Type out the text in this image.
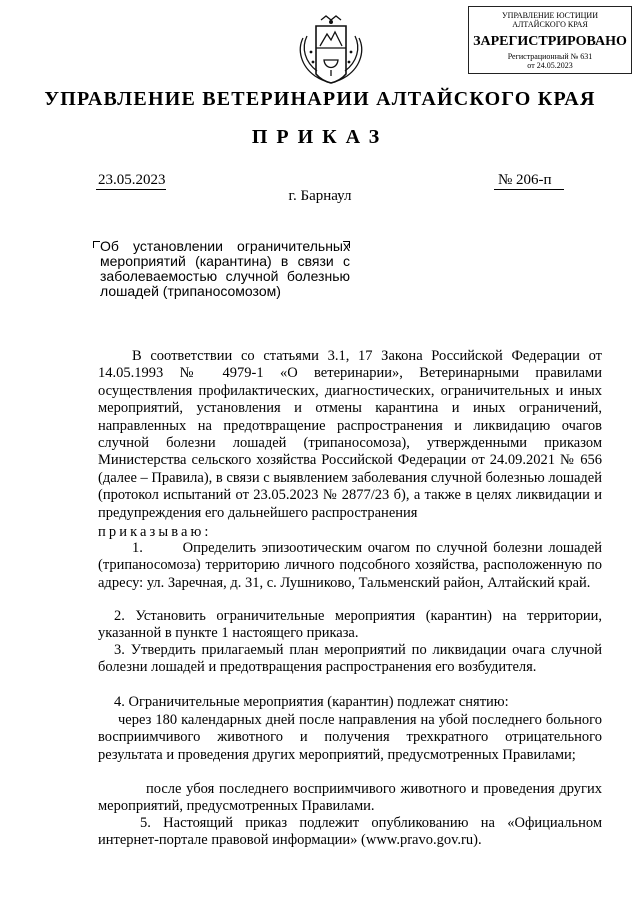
УПРАВЛЕНИЕ ЮСТИЦИИ
АЛТАЙСКОГО КРАЯ
ЗАРЕГИСТРИРОВАНО
Регистрационный № 631
от 24.05.2023
УПРАВЛЕНИЕ ВЕТЕРИНАРИИ АЛТАЙСКОГО КРАЯ
ПРИКАЗ
23.05.2023	№ 206-п
г. Барнаул
Об установлении ограничительных мероприятий (карантина) в связи с заболеваемостью случной болезнью лошадей (трипаносомозом)
В соответствии со статьями 3.1, 17 Закона Российской Федерации от 14.05.1993 № 4979-1 «О ветеринарии», Ветеринарными правилами осуществления профилактических, диагностических, ограничительных и иных мероприятий, установления и отмены карантина и иных ограничений, направленных на предотвращение распространения и ликвидацию очагов случной болезни лошадей (трипаносомоза), утвержденными приказом Министерства сельского хозяйства Российской Федерации от 24.09.2021 № 656 (далее – Правила), в связи с выявлением заболевания случной болезнью лошадей (протокол испытаний от 23.05.2023 № 2877/23 б), а также в целях ликвидации и предупреждения его дальнейшего распространения
приказываю:
1.	Определить эпизоотическим очагом по случной болезни лошадей (трипаносомоза) территорию личного подсобного хозяйства, расположенную по адресу: ул. Заречная, д. 31, с. Лушниково, Тальменский район, Алтайский край.
2. Установить ограничительные мероприятия (карантин) на территории, указанной в пункте 1 настоящего приказа.
3. Утвердить прилагаемый план мероприятий по ликвидации очага случной болезни лошадей и предотвращения распространения его возбудителя.
4. Ограничительные мероприятия (карантин) подлежат снятию:
через 180 календарных дней после направления на убой последнего больного восприимчивого животного и получения трехкратного отрицательного результата и проведения других мероприятий, предусмотренных Правилами;
после убоя последнего восприимчивого животного и проведения других мероприятий, предусмотренных Правилами.
5. Настоящий приказ подлежит опубликованию на «Официальном интернет-портале правовой информации» (www.pravo.gov.ru).
